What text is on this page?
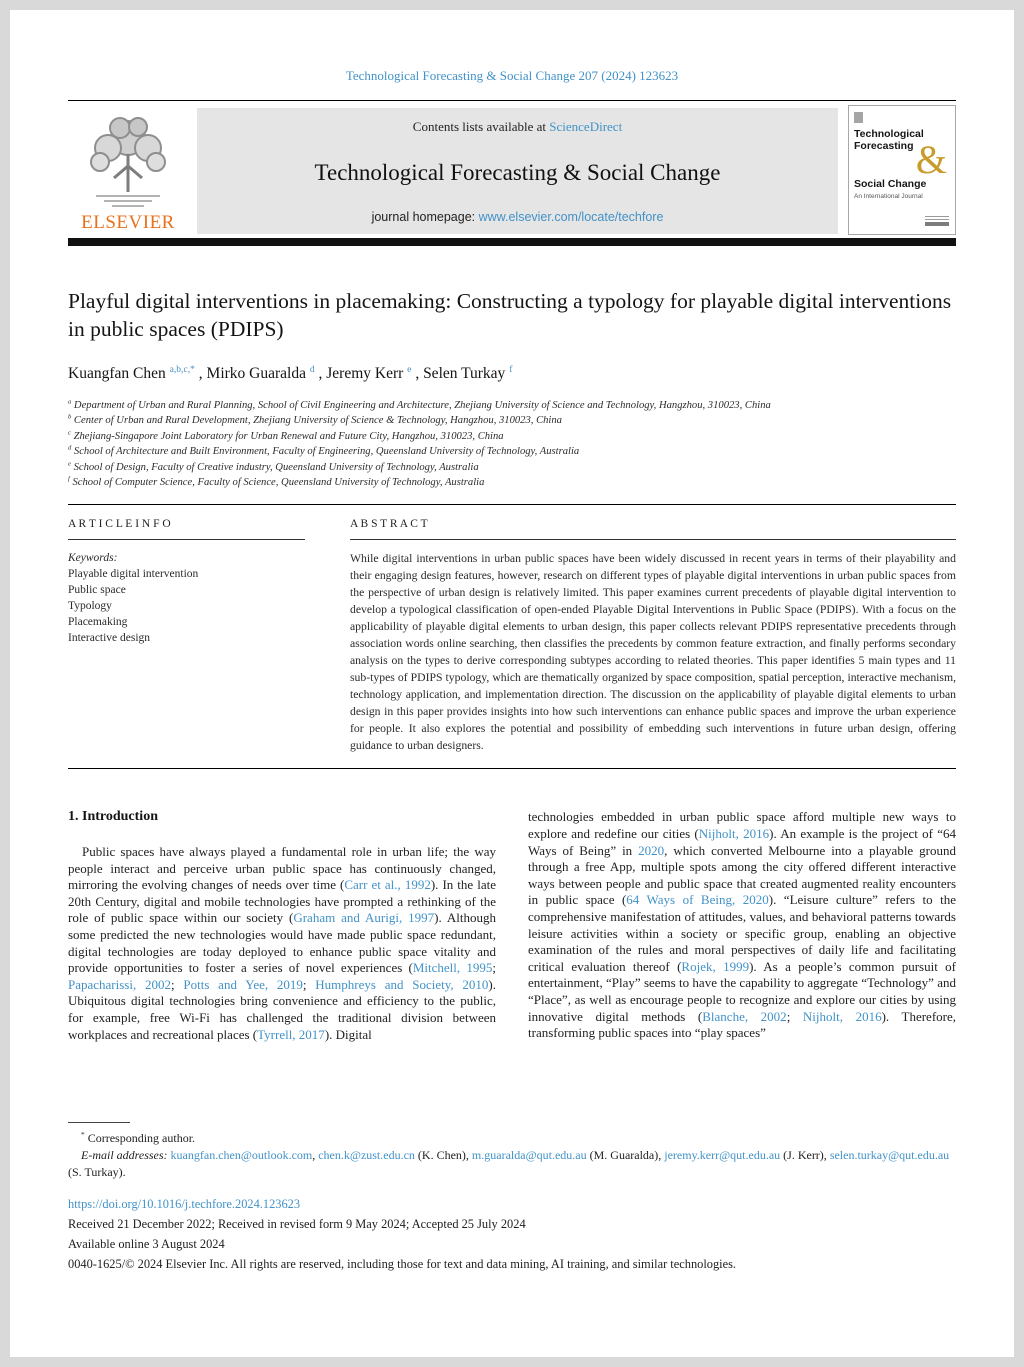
Technological Forecasting & Social Change 207 (2024) 123623
ELSEVIER
Contents lists available at ScienceDirect
Technological Forecasting & Social Change
journal homepage: www.elsevier.com/locate/techfore
Technological
Forecasting &
Social Change
An International Journal
Playful digital interventions in placemaking: Constructing a typology for playable digital interventions in public spaces (PDIPS)
Kuangfan Chen $^{a,b,c,*}$ , Mirko Guaralda $^d$ , Jeremy Kerr $^e$ , Selen Turkay $^f$
$^a$ Department of Urban and Rural Planning, School of Civil Engineering and Architecture, Zhejiang University of Science and Technology, Hangzhou, 310023, China
$^b$ Center of Urban and Rural Development, Zhejiang University of Science & Technology, Hangzhou, 310023, China
$^c$ Zhejiang-Singapore Joint Laboratory for Urban Renewal and Future City, Hangzhou, 310023, China
$^d$ School of Architecture and Built Environment, Faculty of Engineering, Queensland University of Technology, Australia
$^e$ School of Design, Faculty of Creative industry, Queensland University of Technology, Australia
$^f$ School of Computer Science, Faculty of Science, Queensland University of Technology, Australia
A R T I C L E I N F O
Keywords:
Playable digital intervention
Public space
Typology
Placemaking
Interactive design
A B S T R A C T
While digital interventions in urban public spaces have been widely discussed in recent years in terms of their playability and their engaging design features, however, research on different types of playable digital interventions in urban public spaces from the perspective of urban design is relatively limited. This paper examines current precedents of playable digital intervention to develop a typological classification of open-ended Playable Digital Interventions in Public Space (PDIPS). With a focus on the applicability of playable digital elements to urban design, this paper collects relevant PDIPS representative precedents through association words online searching, then classifies the precedents by common feature extraction, and finally performs secondary analysis on the types to derive corresponding subtypes according to related theories. This paper identifies 5 main types and 11 sub-types of PDIPS typology, which are thematically organized by space composition, spatial perception, interactive mechanism, technology application, and implementation direction. The discussion on the applicability of playable digital elements to urban design in this paper provides insights into how such interventions can enhance public spaces and improve the urban experience for people. It also explores the potential and possibility of embedding such interventions in future urban design, offering guidance to urban designers.
1. Introduction

Public spaces have always played a fundamental role in urban life; the way people interact and perceive urban public space has continuously changed, mirroring the evolving changes of needs over time (Carr et al., 1992). In the late 20th Century, digital and mobile technologies have prompted a rethinking of the role of public space within our society (Graham and Aurigi, 1997). Although some predicted the new technologies would have made public space redundant, digital technologies are today deployed to enhance public space vitality and provide opportunities to foster a series of novel experiences (Mitchell, 1995; Papacharissi, 2002; Potts and Yee, 2019; Humphreys and Society, 2010). Ubiquitous digital technologies bring convenience and efficiency to the public, for example, free Wi-Fi has challenged the traditional division between workplaces and recreational places (Tyrrell, 2017). Digital

technologies embedded in urban public space afford multiple new ways to explore and redefine our cities (Nijholt, 2016). An example is the project of “64 Ways of Being” in 2020, which converted Melbourne into a playable ground through a free App, multiple spots among the city offered different interactive ways between people and public space that created augmented reality encounters in public space (64 Ways of Being, 2020). “Leisure culture” refers to the comprehensive manifestation of attitudes, values, and behavioral patterns towards leisure activities within a society or specific group, enabling an objective examination of the rules and moral perspectives of daily life and facilitating critical evaluation thereof (Rojek, 1999). As a people’s common pursuit of entertainment, “Play” seems to have the capability to aggregate “Technology” and “Place”, as well as encourage people to recognize and explore our cities by using innovative digital methods (Blanche, 2002; Nijholt, 2016). Therefore, transforming public spaces into “play spaces”

* Corresponding author.
E-mail addresses: kuangfan.chen@outlook.com, chen.k@zust.edu.cn (K. Chen), m.guaralda@qut.edu.au (M. Guaralda), jeremy.kerr@qut.edu.au (J. Kerr), selen.turkay@qut.edu.au (S. Turkay).
https://doi.org/10.1016/j.techfore.2024.123623
Received 21 December 2022; Received in revised form 9 May 2024; Accepted 25 July 2024
Available online 3 August 2024
0040-1625/© 2024 Elsevier Inc. All rights are reserved, including those for text and data mining, AI training, and similar technologies.
